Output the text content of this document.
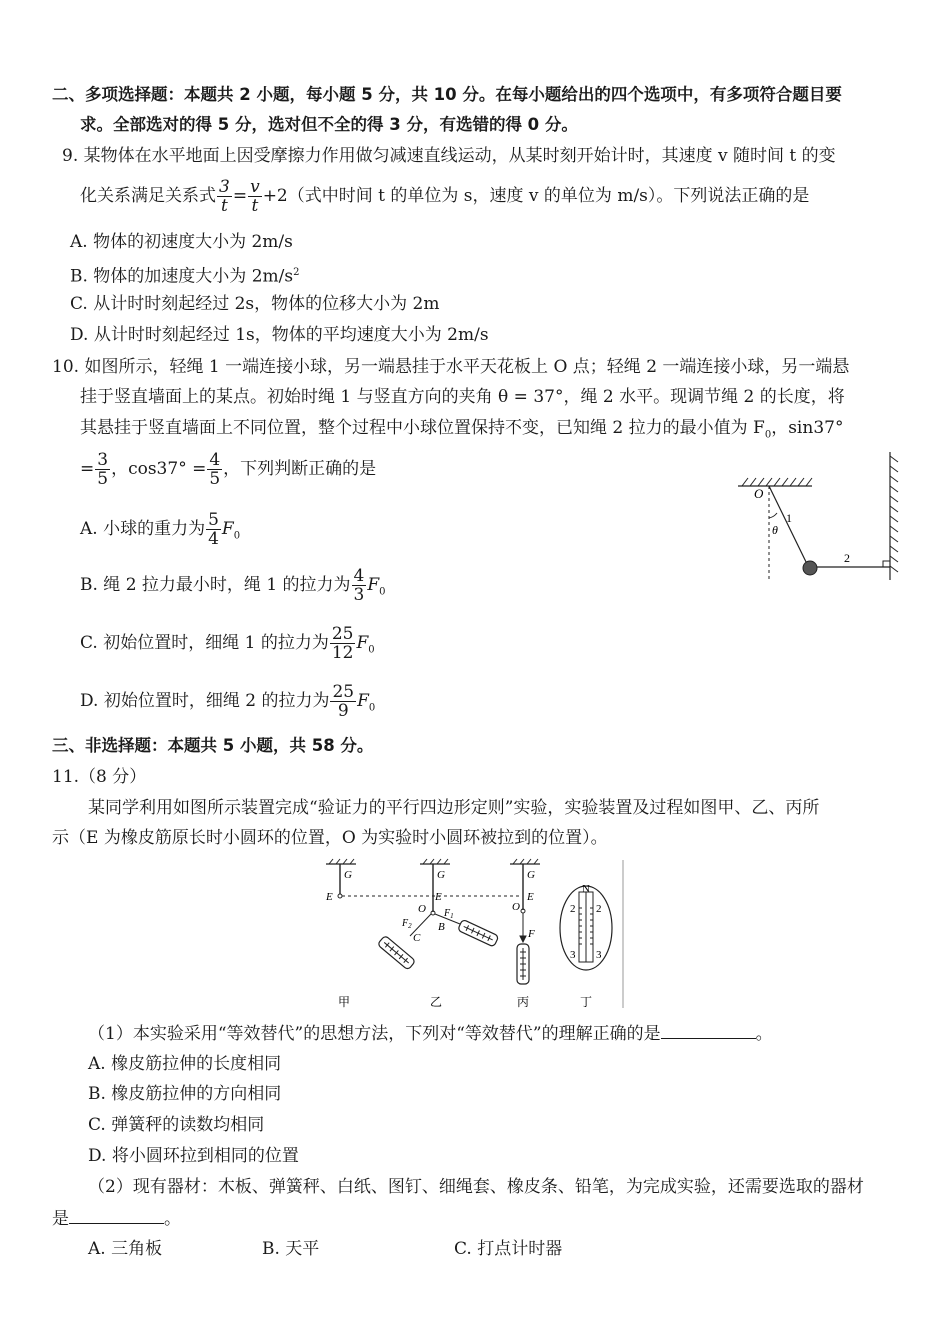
二、多项选择题：本题共 2 小题，每小题 5 分，共 10 分。在每小题给出的四个选项中，有多项符合题目要
求。全部选对的得 5 分，选对但不全的得 3 分，有选错的得 0 分。
9. 某物体在水平地面上因受摩擦力作用做匀减速直线运动，从某时刻开始计时，其速度 v 随时间 t 的变
化关系满足关系式 $\frac{3}{t} = \frac{v}{t} +2$（式中时间 t 的单位为 s，速度 v 的单位为 m/s）。下列说法正确的是
A. 物体的初速度大小为 2m/s
B. 物体的加速度大小为 $2m/s^2$
C. 从计时时刻起经过 2s，物体的位移大小为 2m
D. 从计时时刻起经过 1s，物体的平均速度大小为 2m/s
10. 如图所示，轻绳 1 一端连接小球，另一端悬挂于水平天花板上 O 点；轻绳 2 一端连接小球，另一端悬
挂于竖直墙面上的某点。初始时绳 1 与竖直方向的夹角 θ = 37°，绳 2 水平。现调节绳 2 的长度，将
其悬挂于竖直墙面上不同位置，整个过程中小球位置保持不变，已知绳 2 拉力的最小值为 $F_0$，sin37°
= $\frac{3}{5}$ ，$\cos 37^\circ = \frac{4}{5}$ ，下列判断正确的是
A. 小球的重力为 $\frac{5}{4} F_0$
B. 绳 2 拉力最小时，绳 1 的拉力为 $\frac{4}{3} F_0$
C. 初始位置时，细绳 1 的拉力为 $\frac{25}{12} F_0$
D. 初始位置时，细绳 2 的拉力为 $\frac{25}{9} F_0$
O
θ
1
2
三、非选择题：本题共 5 小题，共 58 分。
11.（8 分）
某同学利用如图所示装置完成“验证力的平行四边形定则”实验，实验装置及过程如图甲、乙、丙所
示（E 为橡皮筋原长时小圆环的位置，O 为实验时小圆环被拉到的位置）。
G
E
G
E
O
B
C
$F_2$
$F_1$
G
E
O
F
N
2 2
3 3
甲	乙	丙	丁
（1）本实验采用“等效替代”的思想方法，下列对“等效替代”的理解正确的是	。
A. 橡皮筋拉伸的长度相同
B. 橡皮筋拉伸的方向相同
C. 弹簧秤的读数均相同
D. 将小圆环拉到相同的位置
（2）现有器材：木板、弹簧秤、白纸、图钉、细绳套、橡皮条、铅笔，为完成实验，还需要选取的器材
是	。
A. 三角板	B. 天平	C. 打点计时器
